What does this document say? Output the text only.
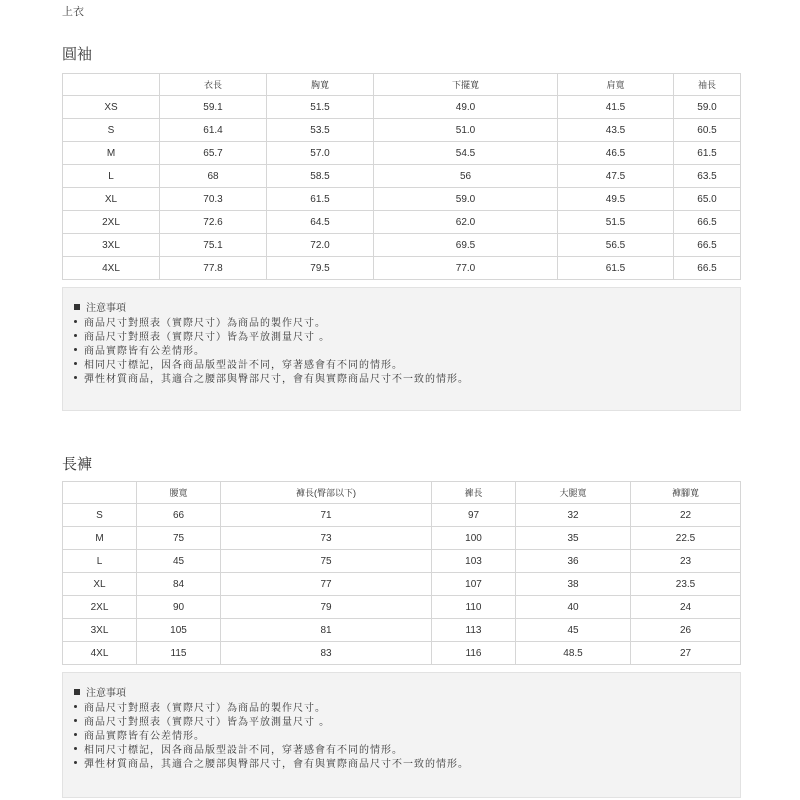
上衣
圓袖
	衣長	胸寬	下擺寬	肩寬	袖長
XS	59.1	51.5	49.0	41.5	59.0
S	61.4	53.5	51.0	43.5	60.5
M	65.7	57.0	54.5	46.5	61.5
L	68	58.5	56	47.5	63.5
XL	70.3	61.5	59.0	49.5	65.0
2XL	72.6	64.5	62.0	51.5	66.5
3XL	75.1	72.0	69.5	56.5	66.5
4XL	77.8	79.5	77.0	61.5	66.5
注意事項
商品尺寸對照表（實際尺寸）為商品的製作尺寸。
商品尺寸對照表（實際尺寸）皆為平放測量尺寸 。
商品實際皆有公差情形。
相同尺寸標記，因各商品版型設計不同，穿著感會有不同的情形。
彈性材質商品，其適合之腰部與臀部尺寸，會有與實際商品尺寸不一致的情形。
長褲
	腰寬	褲長(臀部以下)	褲長	大腿寬	褲腳寬
S	66	71	97	32	22
M	75	73	100	35	22.5
L	45	75	103	36	23
XL	84	77	107	38	23.5
2XL	90	79	110	40	24
3XL	105	81	113	45	26
4XL	115	83	116	48.5	27
注意事項
商品尺寸對照表（實際尺寸）為商品的製作尺寸。
商品尺寸對照表（實際尺寸）皆為平放測量尺寸 。
商品實際皆有公差情形。
相同尺寸標記，因各商品版型設計不同，穿著感會有不同的情形。
彈性材質商品，其適合之腰部與臀部尺寸，會有與實際商品尺寸不一致的情形。
